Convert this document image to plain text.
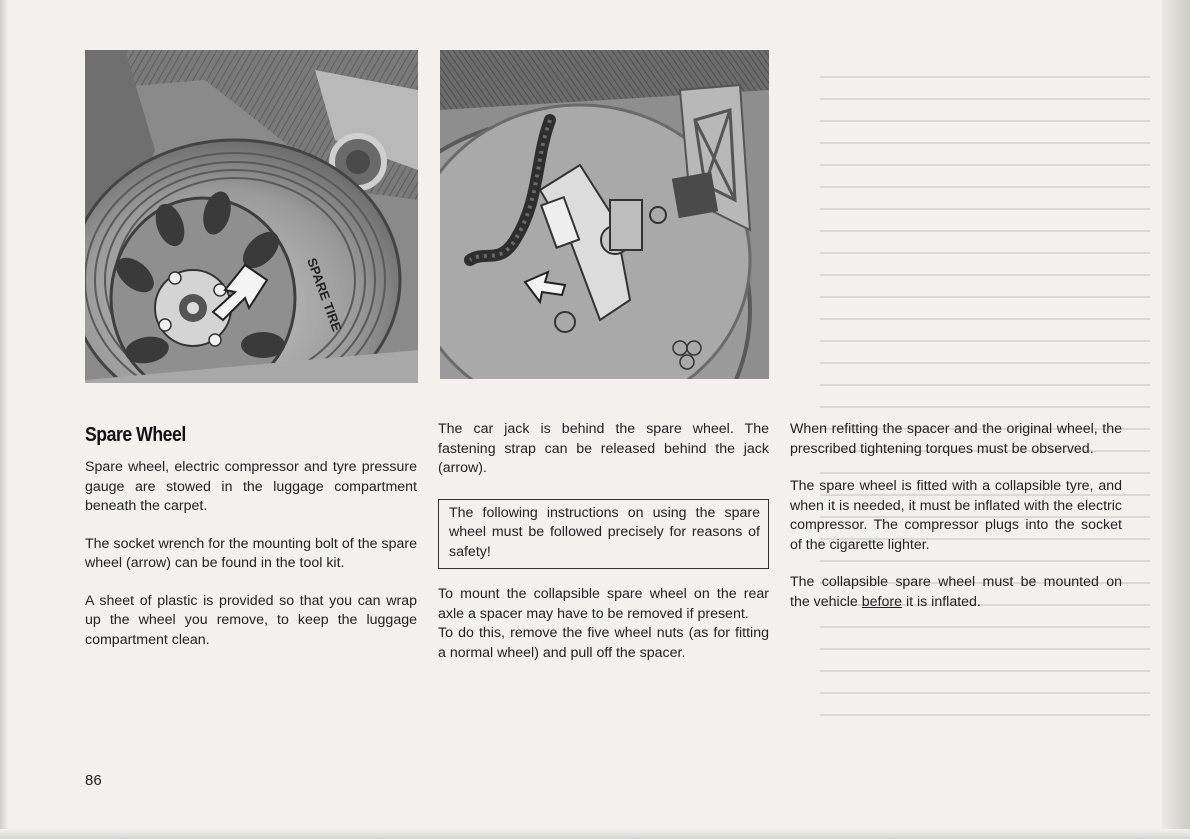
SPARE TIRE
Spare Wheel

Spare wheel, electric compressor and tyre pressure gauge are stowed in the luggage compartment beneath the carpet.

The socket wrench for the mounting bolt of the spare wheel (arrow) can be found in the tool kit.

A sheet of plastic is provided so that you can wrap up the wheel you remove, to keep the luggage compartment clean.

The car jack is behind the spare wheel. The fastening strap can be released behind the jack (arrow).

The following instructions on using the spare wheel must be followed precisely for reasons of safety!

To mount the collapsible spare wheel on the rear axle a spacer may have to be removed if present.

To do this, remove the five wheel nuts (as for fitting a normal wheel) and pull off the spacer.

When refitting the spacer and the original wheel, the prescribed tightening torques must be observed.

The spare wheel is fitted with a collapsible tyre, and when it is needed, it must be inflated with the electric compressor. The compressor plugs into the socket of the cigarette lighter.

The collapsible spare wheel must be mounted on the vehicle before it is inflated.

86
